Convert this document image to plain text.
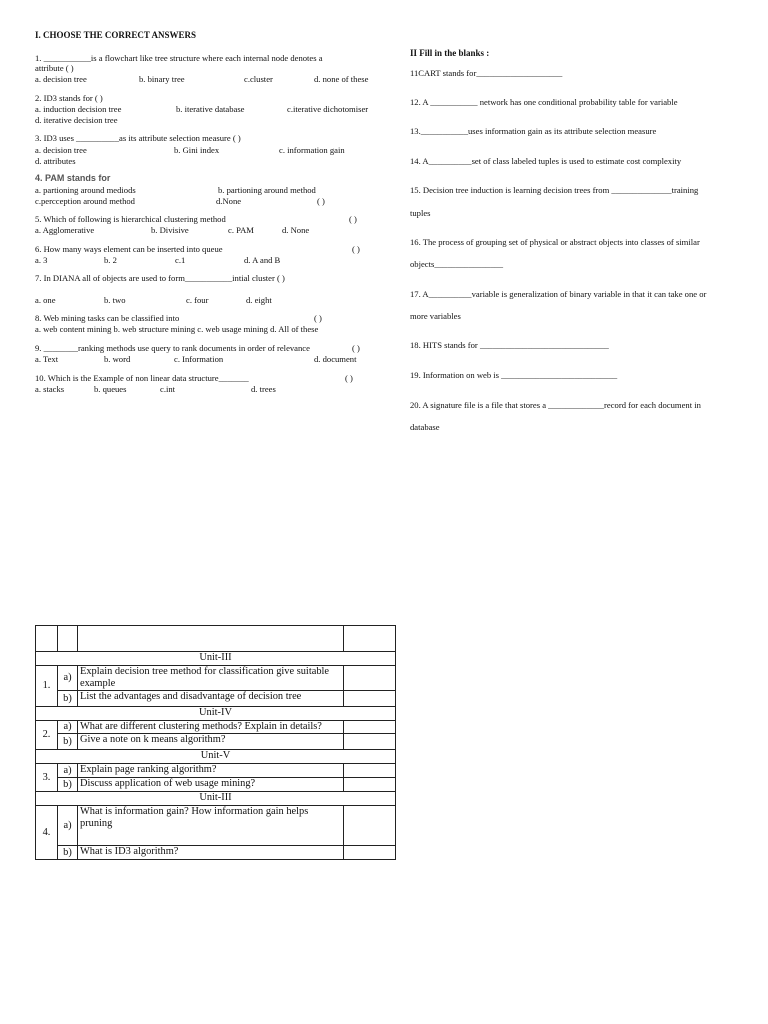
I. CHOOSE THE CORRECT ANSWERS
1. ___________is a flowchart like tree structure where each internal node denotes a
attribute ( )
a. decision tree	b. binary tree	c.cluster	d. none of these
2. ID3 stands for ( )
a. induction decision tree	b. iterative database	c.iterative dichotomiser
d. iterative decision tree
3. ID3 uses __________as its attribute selection measure ( )
a. decision tree	b. Gini index	c. information gain
d. attributes
4. PAM stands for
a. partioning around mediods	b. partioning around method
c.percception around method	d.None	( )
5. Which of following is hierarchical clustering method	( )
a. Agglomerative	b. Divisive	c. PAM	d. None
6. How many ways element can be inserted into queue	( )
a. 3	b. 2	c.1	d. A and B
7. In DIANA all of objects are used to form___________intial cluster ( )
a. one	b. two	c. four	d. eight
8. Web mining tasks can be classified into	( )
a. web content mining b. web structure mining c. web usage mining d. All of these
9. ________ranking methods use query to rank documents in order of relevance	( )
a. Text	b. word	c. Information	d. document
10. Which is the Example of non linear data structure_______	( )
a. stacks	b. queues	c.int	d. trees
II Fill in the blanks :
11CART stands for____________________
12. A ___________ network has one conditional probability table for variable
13.___________uses information gain as its attribute selection measure
14. A__________set of class labeled tuples is used to estimate cost complexity
15. Decision tree induction is learning decision trees from ______________training
tuples
16. The process of grouping set of physical or abstract objects into classes of similar
objects________________
17. A__________variable is generalization of binary variable in that it can take one or
more variables
18. HITS stands for ______________________________
19. Information on web is ___________________________
20. A signature file is a file that stores a _____________record for each document in
database

Unit-III			
1.	a)	Explain decision tree method for classification give suitable example	
	b)	List the advantages and disadvantage of decision tree	
Unit-IV			
2.	a)	What are different clustering methods? Explain in details?	
	b)	Give a note on k means algorithm?	
Unit-V			
3.	a)	Explain page ranking algorithm?	
	b)	Discuss application of web usage mining?	
Unit-III			
4.	a)	What is information gain? How information gain helps pruning	
	b)	What is ID3 algorithm?	
